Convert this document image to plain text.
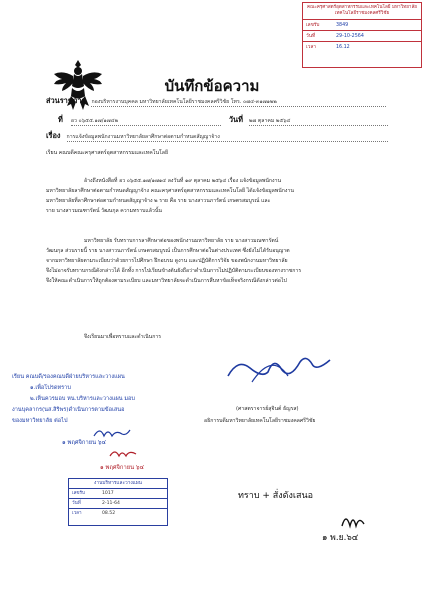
คณะครุศาสตร์อุตสาหกรรมและเทคโนโลยี มหาวิทยาลัยเทคโนโลยีราชมงคลศรีวิชัย
เลขรับ	3849
วันที่	29-10-2564
เวลา	16.12
บันทึกข้อความ
ส่วนราชการ กองบริหารงานบุคคล มหาวิทยาลัยเทคโนโลยีราชมงคลศรีวิชัย โทร. ๐๗๔-๓๑๗๑๒๒
ที่ อว ๐๖๕๕.๑๗/๑๗๔๒	วันที่ ๒๗ ตุลาคม ๒๕๖๔
เรื่อง การแจ้งข้อมูลพนักงานมหาวิทยาลัยลาศึกษาต่อตามกำหนดสัญญาจ้าง
เรียน คณบดีคณะครุศาสตร์อุตสาหกรรมและเทคโนโลยี
อ้างถึงหนังสือที่ อว ๐๖๕๕.๑๗/๑๗๑๔ ลงวันที่ ๑๙ ตุลาคม ๒๕๖๔ เรื่อง แจ้งข้อมูลพนักงาน
มหาวิทยาลัยลาศึกษาต่อตามกำหนดสัญญาจ้าง คณะครุศาสตร์อุตสาหกรรมและเทคโนโลยี ได้แจ้งข้อมูลพนักงาน
มหาวิทยาลัยที่ลาศึกษาต่อตามกำหนดสัญญาจ้าง ๒ ราย คือ ราย นางสาวนภารัตน์ เกษตรสมบูรณ์ และ
ราย นางสาวมณฑารัตน์ วัฒนกุล ความทราบแล้วนั้น
มหาวิทยาลัย รับทราบการลาศึกษาต่อของพนักงานมหาวิทยาลัย ราย นางสาวมณฑารัตน์
วัฒนกุล ส่วนรายนี้ ราย นางสาวนภารัตน์ เกษตรสมบูรณ์ เป็นการศึกษาต่อในต่างประเทศ ซึ่งยังไม่ได้รับอนุญาต
จากมหาวิทยาลัยตามระเบียบว่าด้วยการไปศึกษา ฝึกอบรม ดูงาน และปฏิบัติการวิจัย ของพนักงานมหาวิทยาลัย
จึงไม่อาจรับทราบกรณีดังกล่าวได้ อีกทั้ง การไปเรียนข้างต้นยังถือว่าดำเนินการไม่ปฏิบัติตามระเบียบของทางราชการ
จึงให้คณะดำเนินการให้ถูกต้องตามระเบียบ และมหาวิทยาลัยจะดำเนินการสืบหาข้อเท็จจริงกรณีดังกล่าวต่อไป
จึงเรียนมาเพื่อทราบและดำเนินการ
(ศาสตราจารย์สุจินต์ ธัญรส)
อธิการบดีมหาวิทยาลัยเทคโนโลยีราชมงคลศรีวิชัย
เรียน คณบดี/รองคณบดีฝ่ายบริหารและวางแผน
๑.เพื่อโปรดทราบ
๒.เห็นควรมอบ หน.บริหารและวางแผน มอบ
งานบุคลากร(นส.สิริพร)ดำเนินการตามข้อเสนอ
ของมหาวิทยาลัย ต่อไป
๑ พฤศจิกายน ๖๔
๑ พฤศจิกายน ๖๔
ทราบ + สั่งดังเสนอ
๑ พ.ย.๖๔
งานบริหารและวางแผน
เลขรับ	1017
วันที่	2-11-64
เวลา	08.52
